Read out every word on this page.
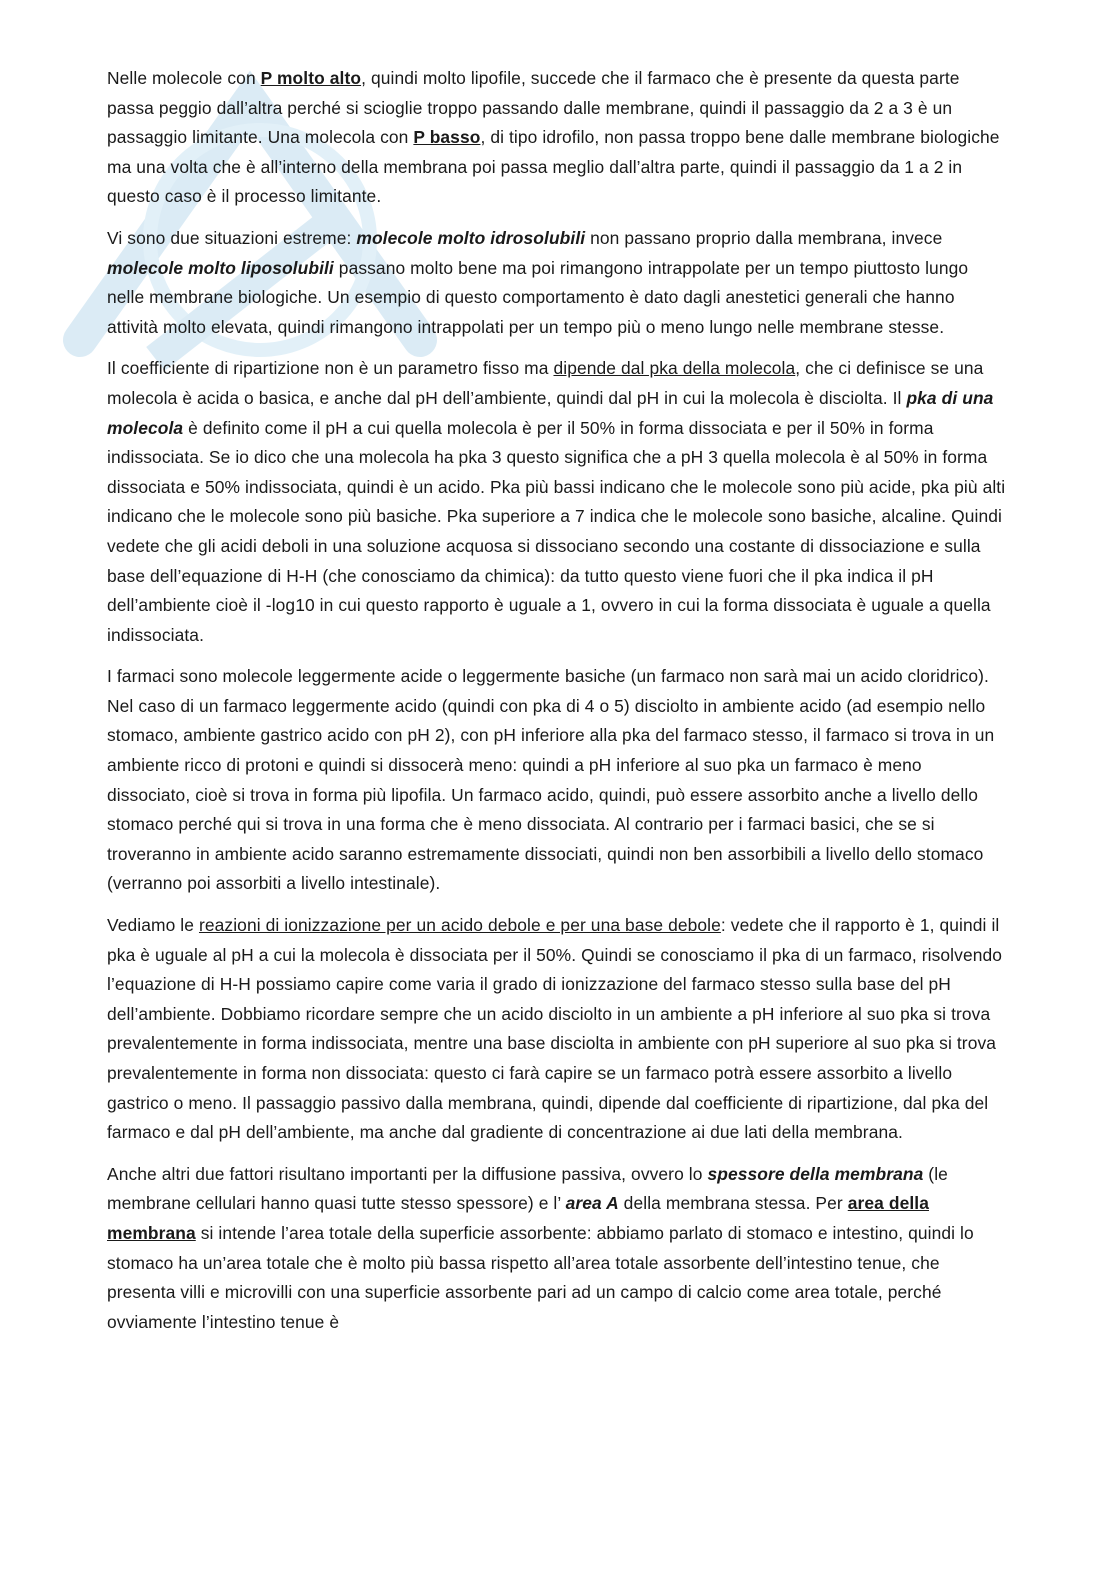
Nelle molecole con P molto alto, quindi molto lipofile, succede che il farmaco che è presente da questa parte passa peggio dall’altra perché si scioglie troppo passando dalle membrane, quindi il passaggio da 2 a 3 è un passaggio limitante. Una molecola con P basso, di tipo idrofilo, non passa troppo bene dalle membrane biologiche ma una volta che è all’interno della membrana poi passa meglio dall’altra parte, quindi il passaggio da 1 a 2 in questo caso è il processo limitante.

Vi sono due situazioni estreme: molecole molto idrosolubili non passano proprio dalla membrana, invece molecole molto liposolubili passano molto bene ma poi rimangono intrappolate per un tempo piuttosto lungo nelle membrane biologiche. Un esempio di questo comportamento è dato dagli anestetici generali che hanno attività molto elevata, quindi rimangono intrappolati per un tempo più o meno lungo nelle membrane stesse.

Il coefficiente di ripartizione non è un parametro fisso ma dipende dal pka della molecola, che ci definisce se una molecola è acida o basica, e anche dal pH dell’ambiente, quindi dal pH in cui la molecola è disciolta. Il pka di una molecola è definito come il pH a cui quella molecola è per il 50% in forma dissociata e per il 50% in forma indissociata. Se io dico che una molecola ha pka 3 questo significa che a pH 3 quella molecola è al 50% in forma dissociata e 50% indissociata, quindi è un acido. Pka più bassi indicano che le molecole sono più acide, pka più alti indicano che le molecole sono più basiche. Pka superiore a 7 indica che le molecole sono basiche, alcaline. Quindi vedete che gli acidi deboli in una soluzione acquosa si dissociano secondo una costante di dissociazione e sulla base dell’equazione di H-H (che conosciamo da chimica): da tutto questo viene fuori che il pka indica il pH dell’ambiente cioè il -log10 in cui questo rapporto è uguale a 1, ovvero in cui la forma dissociata è uguale a quella indissociata.

I farmaci sono molecole leggermente acide o leggermente basiche (un farmaco non sarà mai un acido cloridrico). Nel caso di un farmaco leggermente acido (quindi con pka di 4 o 5) disciolto in ambiente acido (ad esempio nello stomaco, ambiente gastrico acido con pH 2), con pH inferiore alla pka del farmaco stesso, il farmaco si trova in un ambiente ricco di protoni e quindi si dissocerà meno: quindi a pH inferiore al suo pka un farmaco è meno dissociato, cioè si trova in forma più lipofila. Un farmaco acido, quindi, può essere assorbito anche a livello dello stomaco perché qui si trova in una forma che è meno dissociata. Al contrario per i farmaci basici, che se si troveranno in ambiente acido saranno estremamente dissociati, quindi non ben assorbibili a livello dello stomaco (verranno poi assorbiti a livello intestinale).

Vediamo le reazioni di ionizzazione per un acido debole e per una base debole: vedete che il rapporto è 1, quindi il pka è uguale al pH a cui la molecola è dissociata per il 50%. Quindi se conosciamo il pka di un farmaco, risolvendo l’equazione di H-H possiamo capire come varia il grado di ionizzazione del farmaco stesso sulla base del pH dell’ambiente. Dobbiamo ricordare sempre che un acido disciolto in un ambiente a pH inferiore al suo pka si trova prevalentemente in forma indissociata, mentre una base disciolta in ambiente con pH superiore al suo pka si trova prevalentemente in forma non dissociata: questo ci farà capire se un farmaco potrà essere assorbito a livello gastrico o meno. Il passaggio passivo dalla membrana, quindi, dipende dal coefficiente di ripartizione, dal pka del farmaco e dal pH dell’ambiente, ma anche dal gradiente di concentrazione ai due lati della membrana.

Anche altri due fattori risultano importanti per la diffusione passiva, ovvero lo spessore della membrana (le membrane cellulari hanno quasi tutte stesso spessore) e l’ area A della membrana stessa. Per area della membrana si intende l’area totale della superficie assorbente: abbiamo parlato di stomaco e intestino, quindi lo stomaco ha un’area totale che è molto più bassa rispetto all’area totale assorbente dell’intestino tenue, che presenta villi e microvilli con una superficie assorbente pari ad un campo di calcio come area totale, perché ovviamente l’intestino tenue è
